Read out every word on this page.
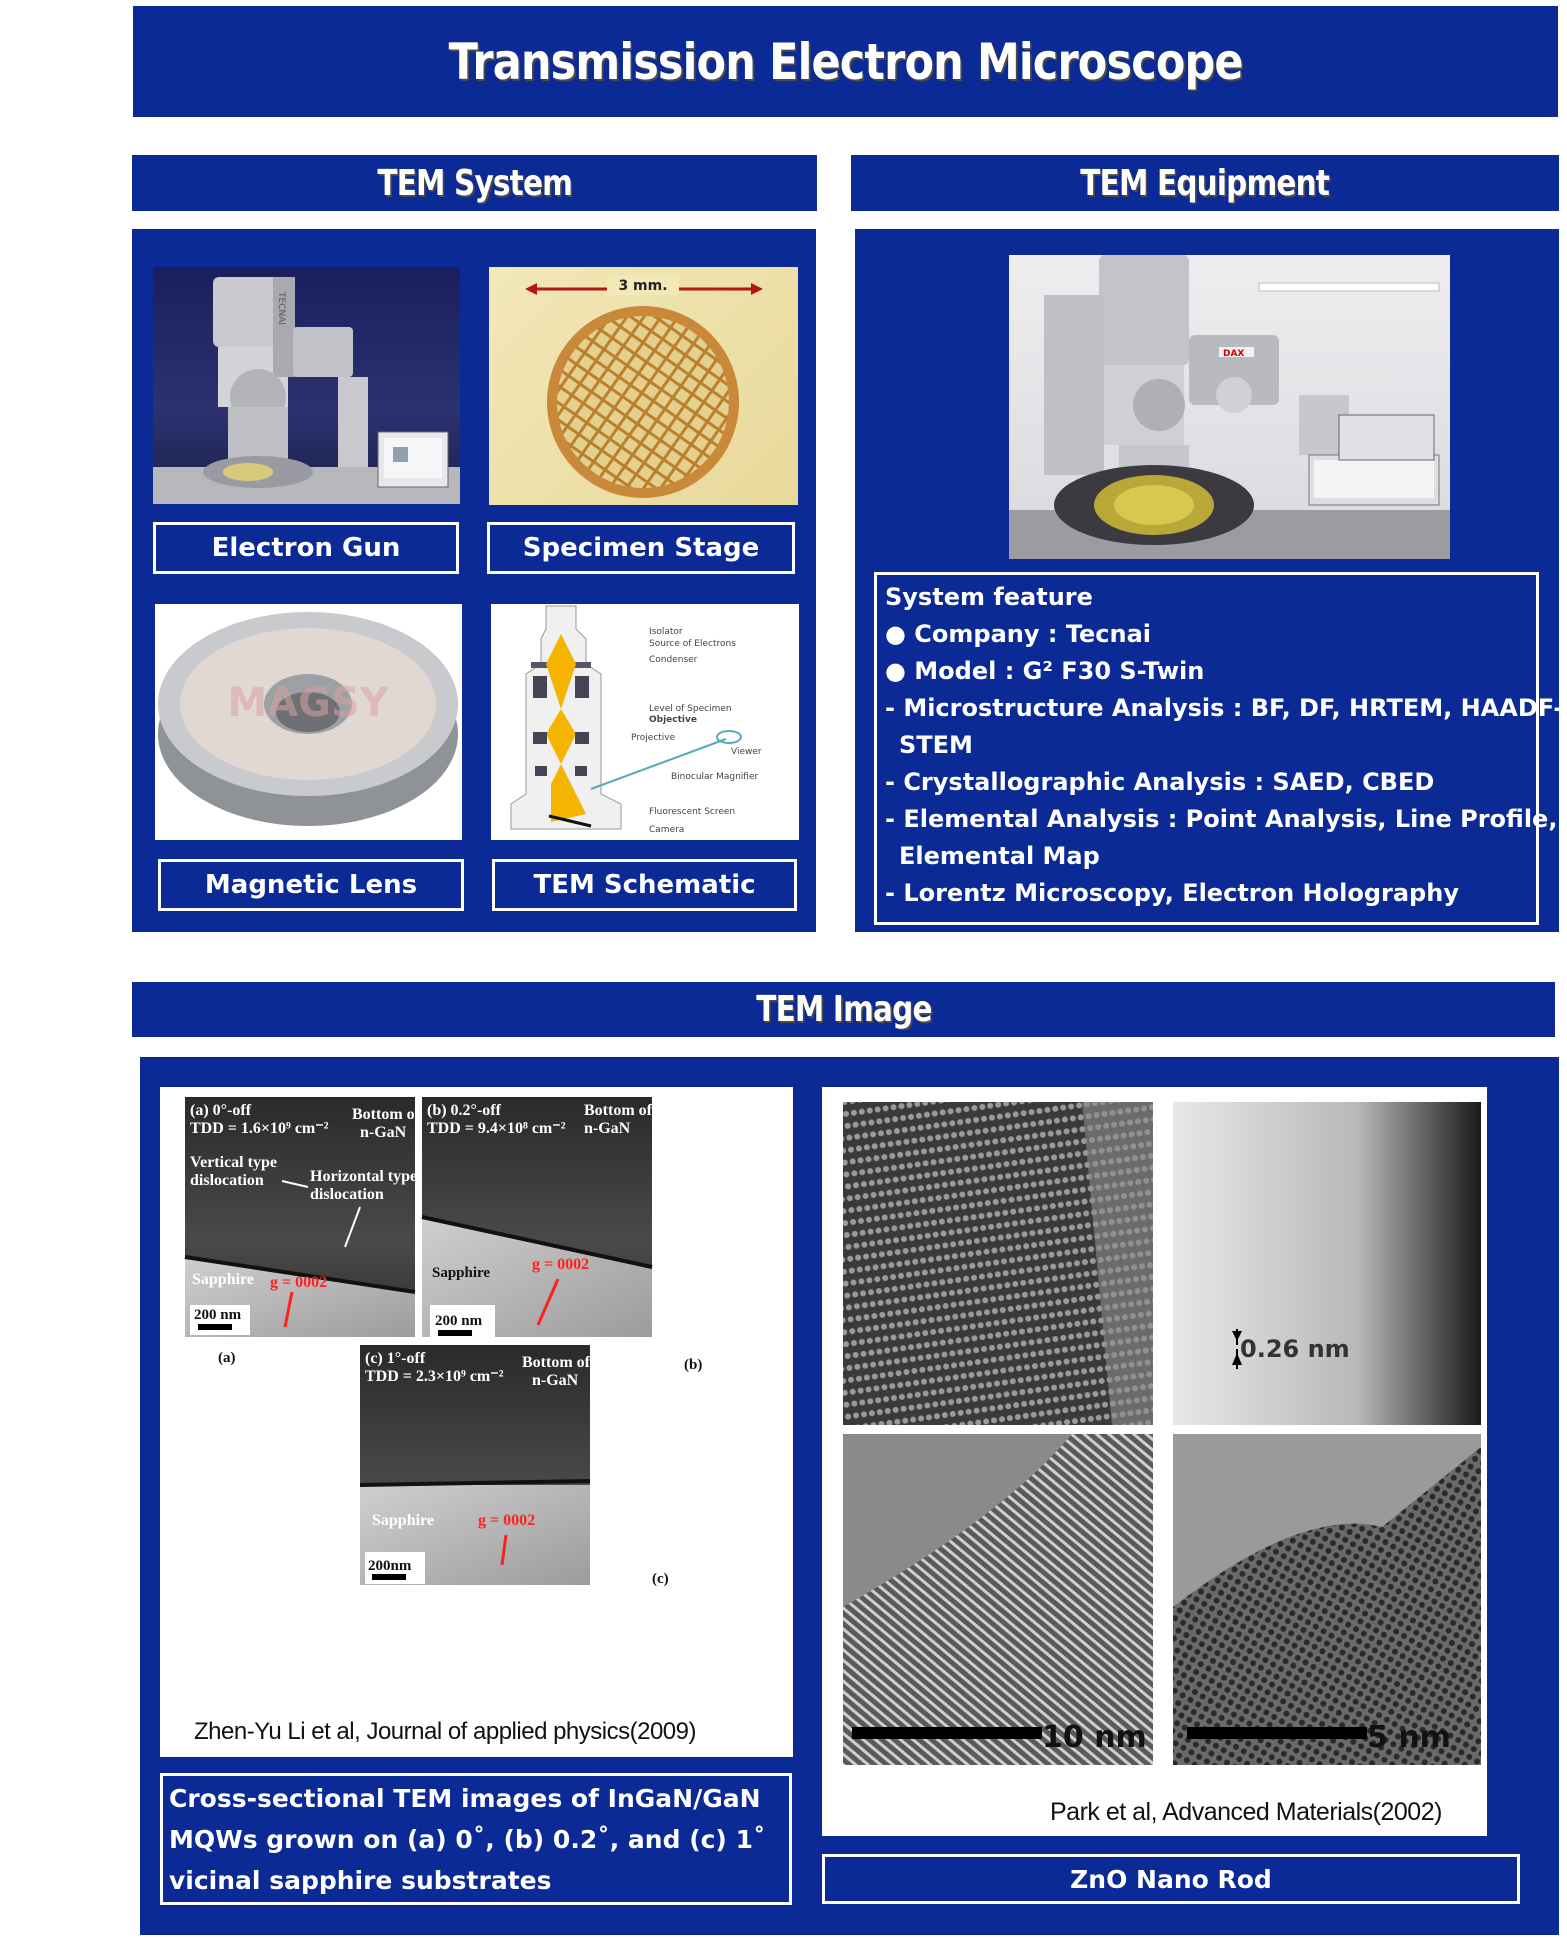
Transmission Electron Microscope
TEM System	TEM Equipment
TECNAI
3 mm.
Electron Gun	Specimen Stage
MAGSY
Isolator
Source of Electrons
Condenser
Level of Specimen
Objective
Projective
Viewer
Binocular Magnifier
Fluorescent Screen
Camera
Magnetic Lens	TEM Schematic
DAX
System feature
● Company : Tecnai
● Model : G² F30 S-Twin
- Microstructure Analysis : BF, DF, HRTEM, HAADF-
STEM
- Crystallographic Analysis : SAED, CBED
- Elemental Analysis : Point Analysis, Line Profile,
Elemental Map
- Lorentz Microscopy, Electron Holography
TEM Image
(a) 0°-off
TDD = 1.6×10⁹ cm⁻²
Bottom of
n-GaN
Vertical type
dislocation	Horizontal type
dislocation
Sapphire g = 0002
200 nm
(a)
(b) 0.2°-off
TDD = 9.4×10⁸ cm⁻²
Bottom of
n-GaN
Sapphire	g = 0002
200 nm
(b)
(c) 1°-off
TDD = 2.3×10⁹ cm⁻²
Bottom of
n-GaN
Sapphire	g = 0002
200nm
(c)
Zhen-Yu Li et al, Journal of applied physics(2009)
Cross-sectional TEM images of InGaN/GaN
MQWs grown on (a) 0˚, (b) 0.2˚, and (c) 1˚
vicinal sapphire substrates
0.26 nm
10 nm	5 nm
Park et al, Advanced Materials(2002)
ZnO Nano Rod
